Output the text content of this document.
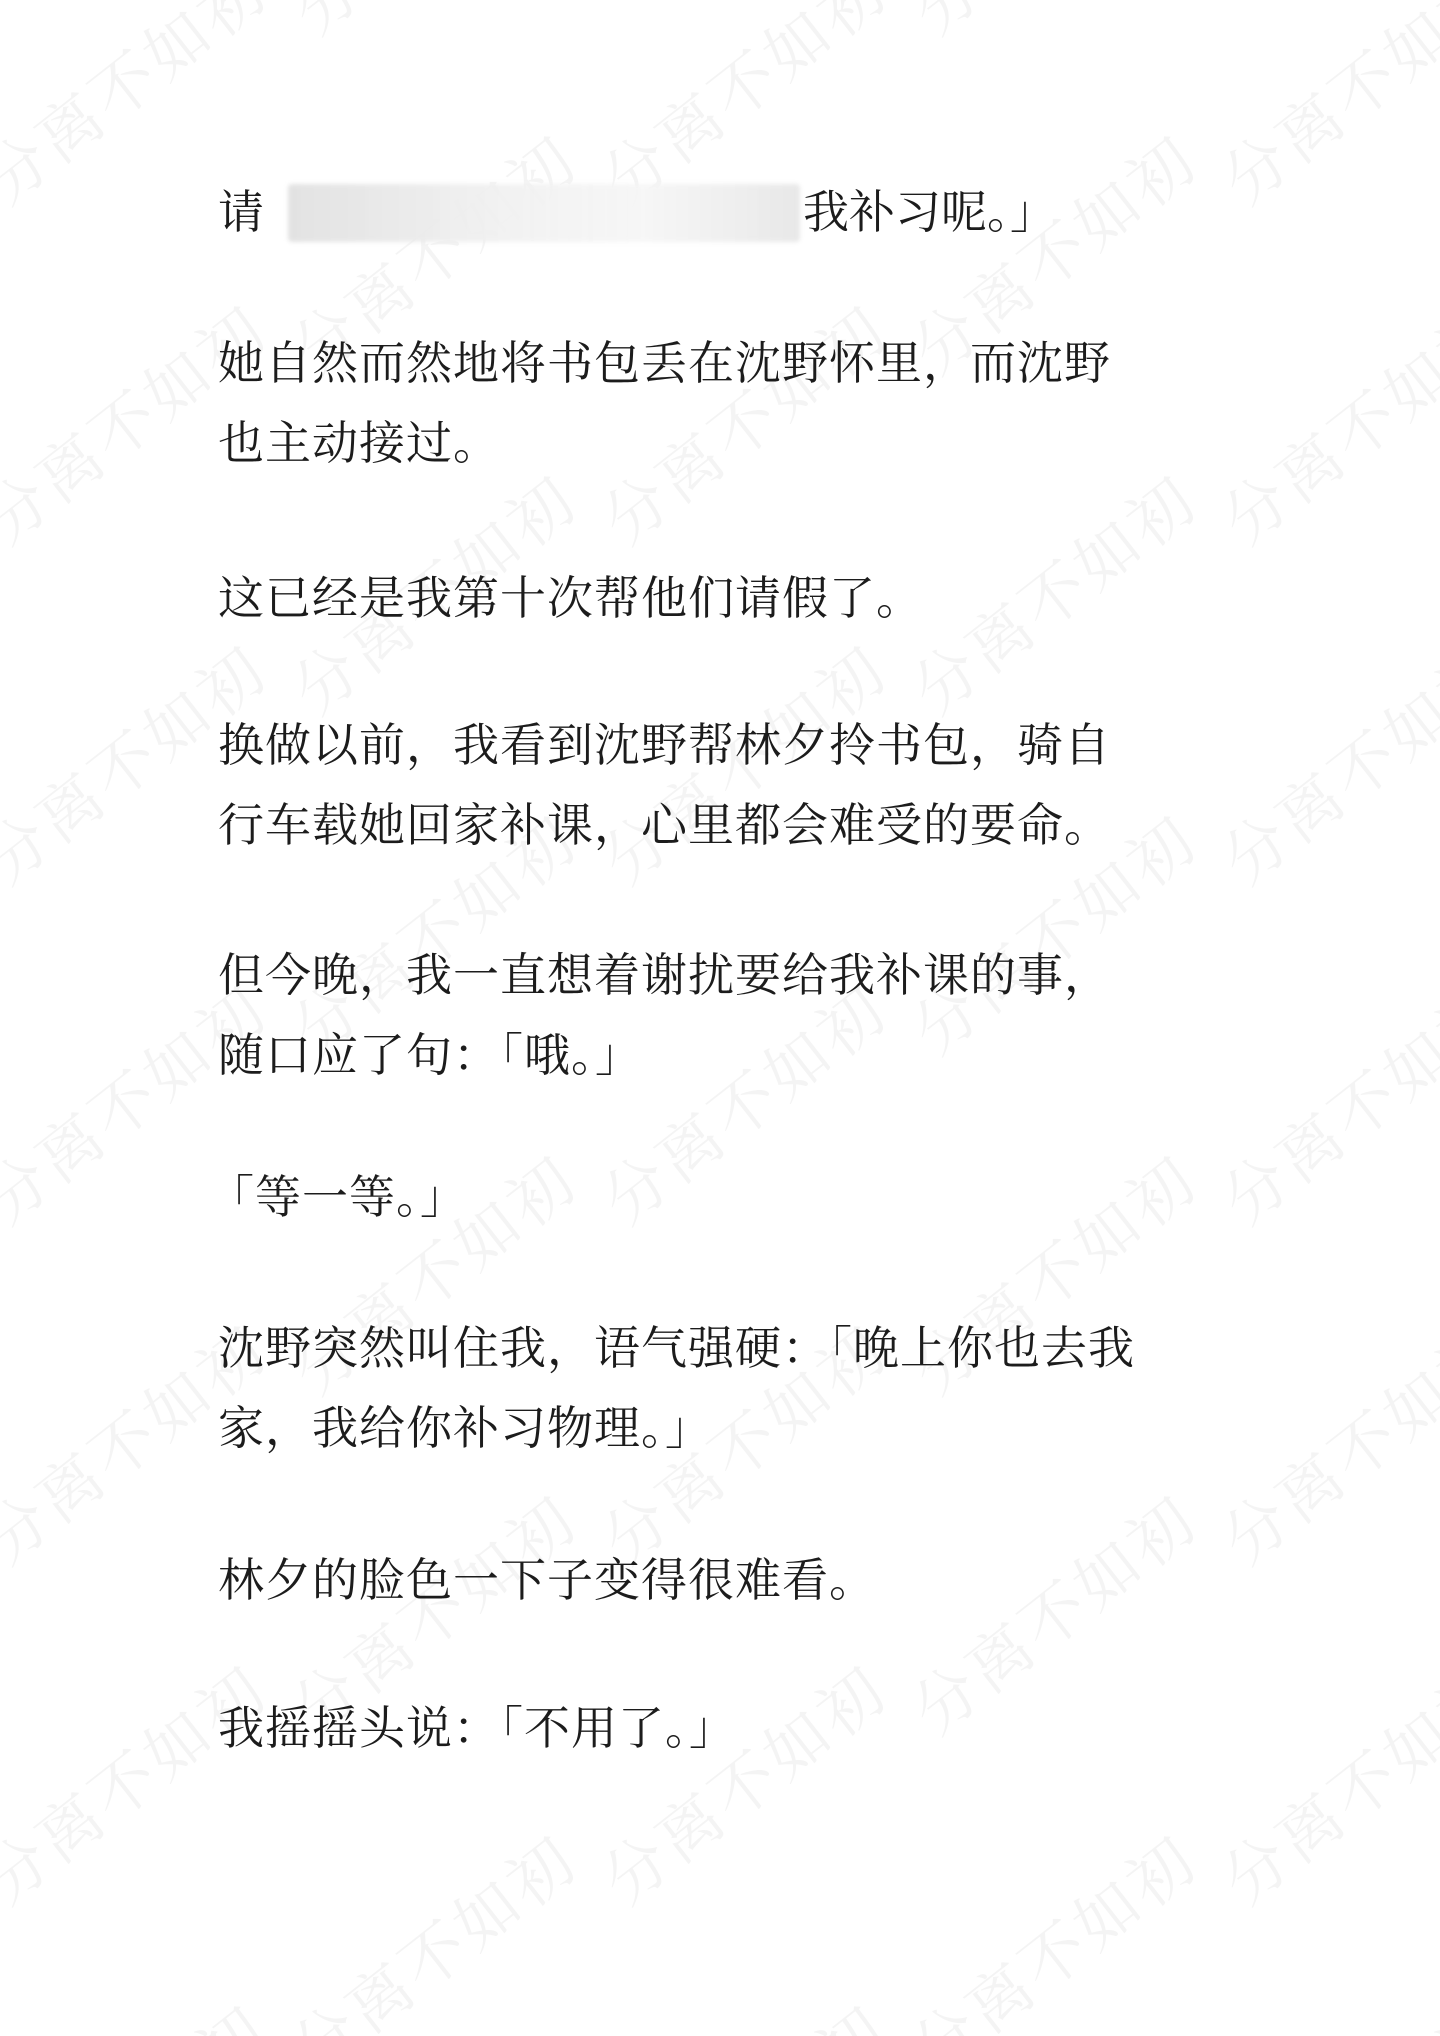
请	我补习呢。」
她自然而然地将书包丢在沈野怀里，而沈野
也主动接过。
这已经是我第十次帮他们请假了。
换做以前，我看到沈野帮林夕拎书包，骑自
行车载她回家补课，心里都会难受的要命。
但今晚，我一直想着谢扰要给我补课的事，
随口应了句：「哦。」
「等一等。」
沈野突然叫住我，语气强硬：「晚上你也去我
家，我给你补习物理。」
林夕的脸色一下子变得很难看。
我摇摇头说：「不用了。」
